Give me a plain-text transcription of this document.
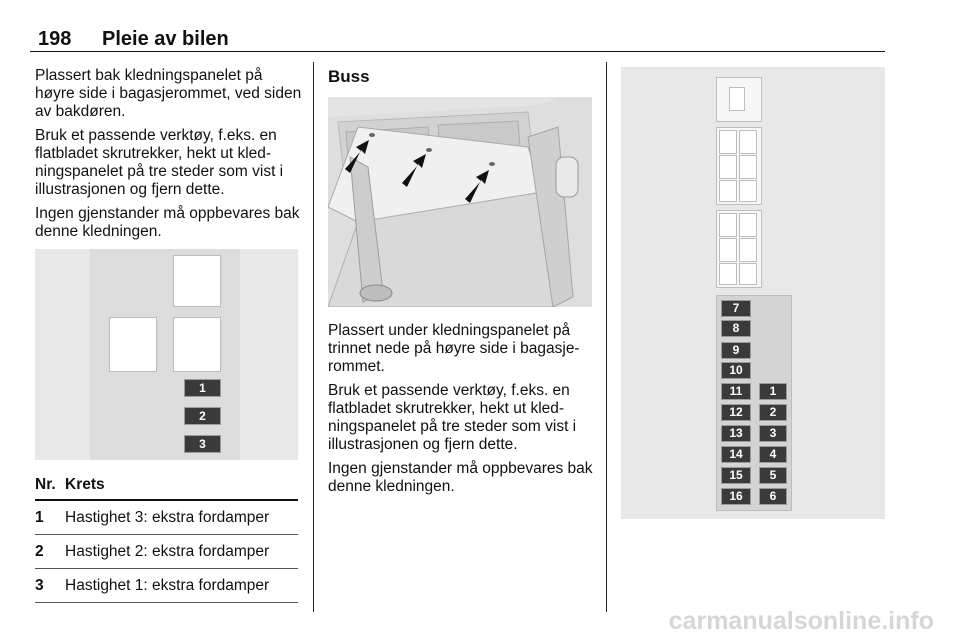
198 Pleie av bilen

Plassert bak kledningspanelet på høyre side i bagasjerommet, ved siden av bakdøren.

Bruk et passende verktøy, f.eks. en flatbladet skrutrekker, hekt ut kled-ningspanelet på tre steder som vist i illustrasjonen og fjern dette.

Ingen gjenstander må oppbevares bak denne kledningen.

1
2
3
Nr.	Krets
1	Hastighet 3: ekstra fordamper
2	Hastighet 2: ekstra fordamper
3	Hastighet 1: ekstra fordamper
Buss

Plassert under kledningspanelet på trinnet nede på høyre side i bagasje-rommet.

Bruk et passende verktøy, f.eks. en flatbladet skrutrekker, hekt ut kled-ningspanelet på tre steder som vist i illustrasjonen og fjern dette.

Ingen gjenstander må oppbevares bak denne kledningen.

7
8
9
10
11
12
13
14
15
16
1
2
3
4
5
6
carmanualsonline.info
